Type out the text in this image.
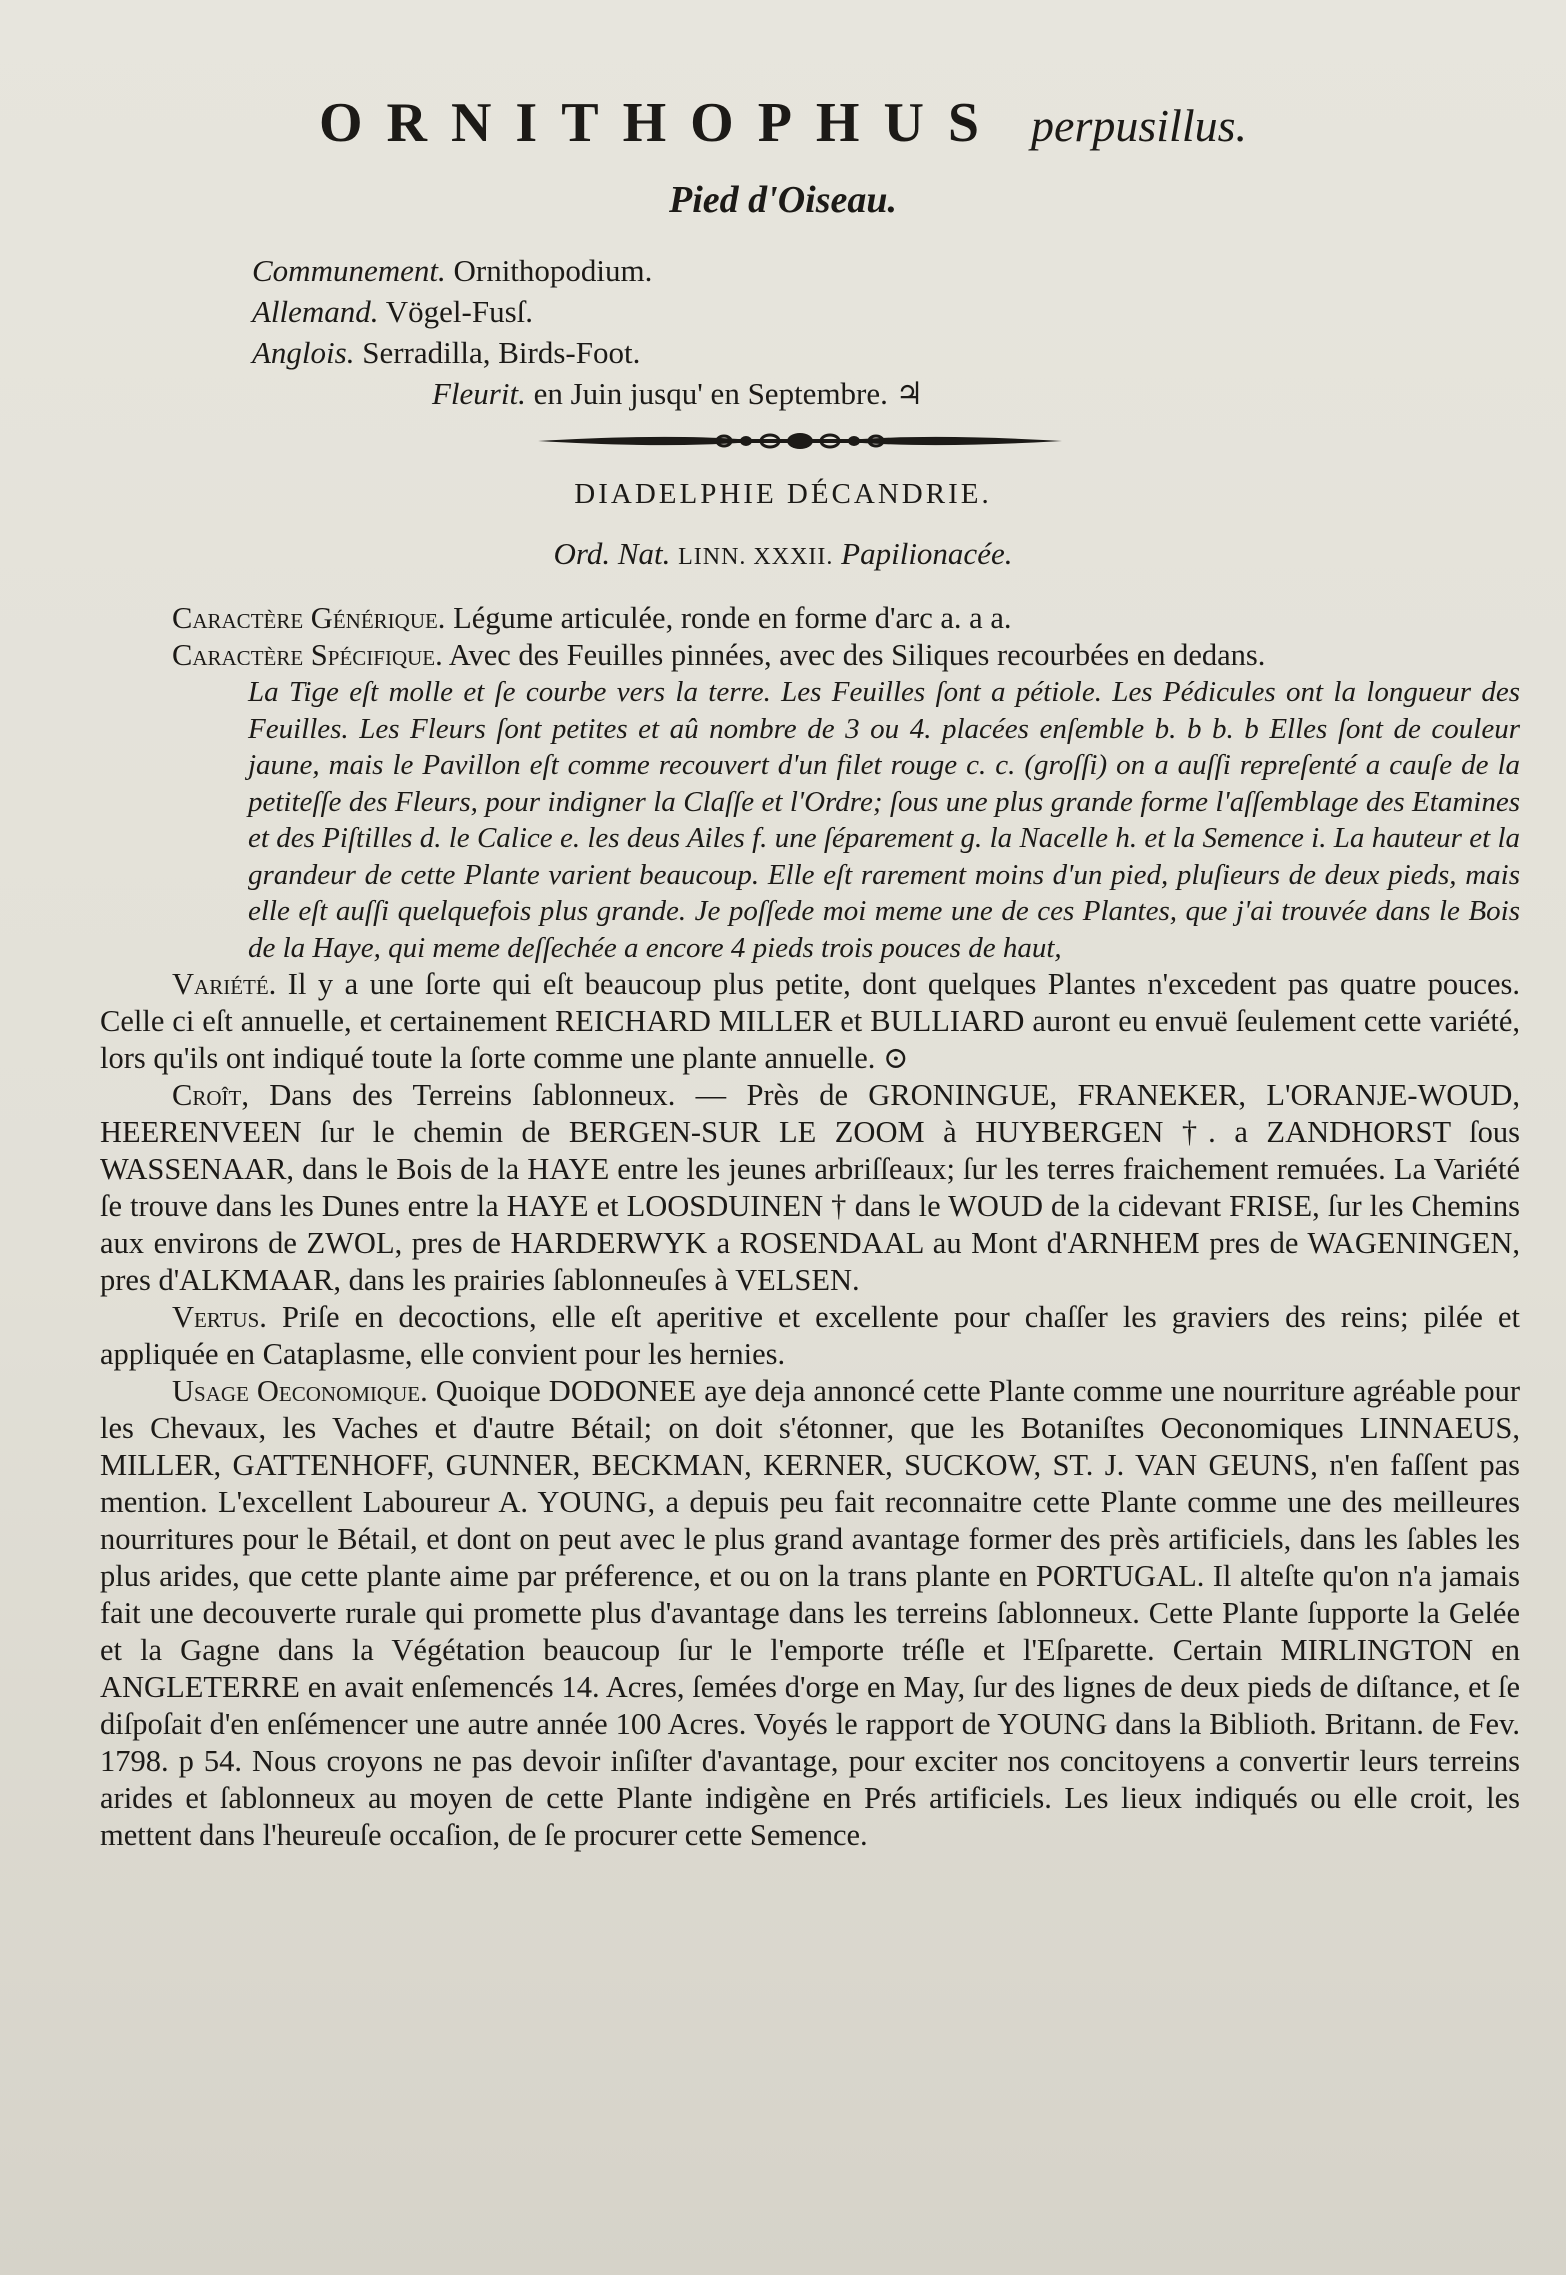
ORNITHOPHUS perpusillus.
Pied d'Oiseau.
Communement. Ornithopodium.
Allemand. Vögel-Fusſ.
Anglois. Serradilla, Birds-Foot.
Fleurit. en Juin jusqu' en Septembre. ♃
DIADELPHIE DÉCANDRIE.
Ord. Nat. LINN. XXXII. Papilionacée.

Caractère Générique. Légume articulée, ronde en forme d'arc a. a a.

Caractère Spécifique. Avec des Feuilles pinnées, avec des Siliques recourbées en dedans.

La Tige eſt molle et ſe courbe vers la terre. Les Feuilles ſont a pétiole. Les Pédicules ont la longueur des Feuilles. Les Fleurs ſont petites et aû nombre de 3 ou 4. placées enſemble b. b b. b Elles ſont de couleur jaune, mais le Pavillon eſt comme recouvert d'un filet rouge c. c. (groſſi) on a auſſi repreſenté a cauſe de la petiteſſe des Fleurs, pour indigner la Claſſe et l'Ordre; ſous une plus grande forme l'aſſemblage des Etamines et des Piſtilles d. le Calice e. les deus Ailes f. une ſéparement g. la Nacelle h. et la Semence i. La hauteur et la grandeur de cette Plante varient beaucoup. Elle eſt rarement moins d'un pied, pluſieurs de deux pieds, mais elle eſt auſſi quelquefois plus grande. Je poſſede moi meme une de ces Plantes, que j'ai trouvée dans le Bois de la Haye, qui meme deſſechée a encore 4 pieds trois pouces de haut,

Variété. Il y a une ſorte qui eſt beaucoup plus petite, dont quelques Plantes n'excedent pas quatre pouces. Celle ci eſt annuelle, et certainement REICHARD MILLER et BULLIARD auront eu envuë ſeulement cette variété, lors qu'ils ont indiqué toute la ſorte comme une plante annuelle. ⊙

Croît, Dans des Terreins ſablonneux. — Près de GRONINGUE, FRANEKER, L'ORANJE-WOUD, HEERENVEEN ſur le chemin de BERGEN-SUR LE ZOOM à HUYBERGEN †. a ZANDHORST ſous WASSENAAR, dans le Bois de la HAYE entre les jeunes arbriſſeaux; ſur les terres fraichement remuées. La Variété ſe trouve dans les Dunes entre la HAYE et LOOSDUINEN † dans le WOUD de la cidevant FRISE, ſur les Chemins aux environs de ZWOL, pres de HARDERWYK a ROSENDAAL au Mont d'ARNHEM pres de WAGENINGEN, pres d'ALKMAAR, dans les prairies ſablonneuſes à VELSEN.

Vertus. Priſe en decoctions, elle eſt aperitive et excellente pour chaſſer les graviers des reins; pilée et appliquée en Cataplasme, elle convient pour les hernies.

Usage Oeconomique. Quoique DODONEE aye deja annoncé cette Plante comme une nourriture agréable pour les Chevaux, les Vaches et d'autre Bétail; on doit s'étonner, que les Botaniſtes Oeconomiques LINNAEUS, MILLER, GATTENHOFF, GUNNER, BECKMAN, KERNER, SUCKOW, ST. J. VAN GEUNS, n'en faſſent pas mention. L'excellent Laboureur A. YOUNG, a depuis peu fait reconnaitre cette Plante comme une des meilleures nourritures pour le Bétail, et dont on peut avec le plus grand avantage former des près artificiels, dans les ſables les plus arides, que cette plante aime par préference, et ou on la trans plante en PORTUGAL. Il alteſte qu'on n'a jamais fait une decouverte rurale qui promette plus d'avantage dans les terreins ſablonneux. Cette Plante ſupporte la Gelée et la Gagne dans la Végétation beaucoup ſur le l'emporte tréſle et l'Eſparette. Certain MIRLINGTON en ANGLETERRE en avait enſemencés 14. Acres, ſemées d'orge en May, ſur des lignes de deux pieds de diſtance, et ſe diſpoſait d'en enſémencer une autre année 100 Acres. Voyés le rapport de YOUNG dans la Biblioth. Britann. de Fev. 1798. p 54. Nous croyons ne pas devoir inſiſter d'avantage, pour exciter nos concitoyens a convertir leurs terreins arides et ſablonneux au moyen de cette Plante indigène en Prés artificiels. Les lieux indiqués ou elle croit, les mettent dans l'heureuſe occaſion, de ſe procurer cette Semence.
